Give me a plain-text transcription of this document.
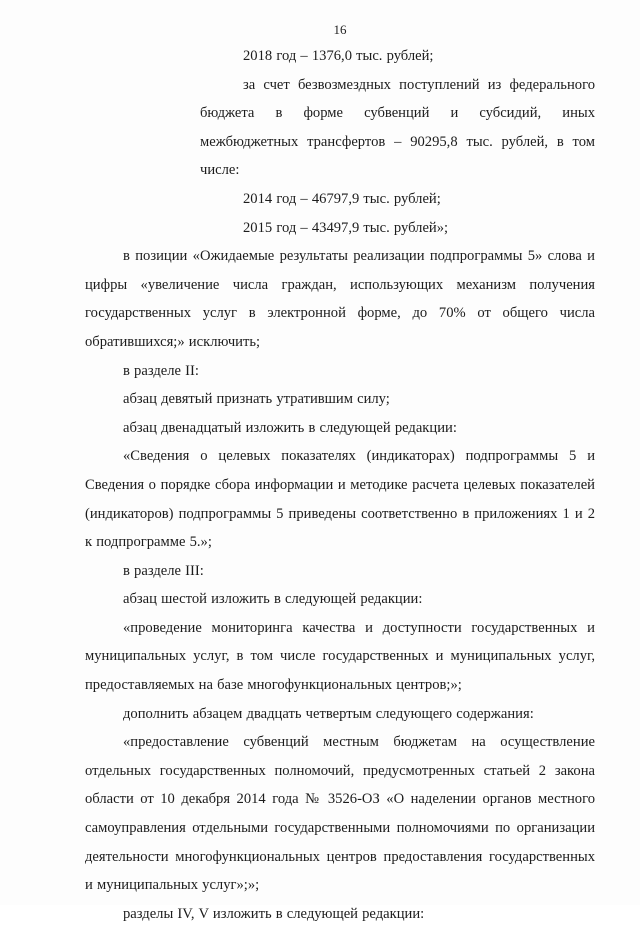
16

2018 год – 1376,0 тыс. рублей;

за счет безвозмездных поступлений из федерального бюджета в форме субвенций и субсидий, иных межбюджетных трансфертов – 90295,8 тыс. рублей, в том числе:

2014 год – 46797,9 тыс. рублей;

2015 год – 43497,9 тыс. рублей»;

в позиции «Ожидаемые результаты реализации подпрограммы 5» слова и цифры «увеличение числа граждан, использующих механизм получения государственных услуг в электронной форме, до 70% от общего числа обратившихся;» исключить;

в разделе II:

абзац девятый признать утратившим силу;

абзац двенадцатый изложить в следующей редакции:

«Сведения о целевых показателях (индикаторах) подпрограммы 5 и Сведения о порядке сбора информации и методике расчета целевых показателей (индикаторов) подпрограммы 5 приведены соответственно в приложениях 1 и 2 к подпрограмме 5.»;

в разделе III:

абзац шестой изложить в следующей редакции:

«проведение мониторинга качества и доступности государственных и муниципальных услуг, в том числе государственных и муниципальных услуг, предоставляемых на базе многофункциональных центров;»;

дополнить абзацем двадцать четвертым следующего содержания:

«предоставление субвенций местным бюджетам на осуществление отдельных государственных полномочий, предусмотренных статьей 2 закона области от 10 декабря 2014 года № 3526-ОЗ «О наделении органов местного самоуправления отдельными государственными полномочиями по организации деятельности многофункциональных центров предоставления государственных и муниципальных услуг»;»;

разделы IV, V изложить в следующей редакции:
